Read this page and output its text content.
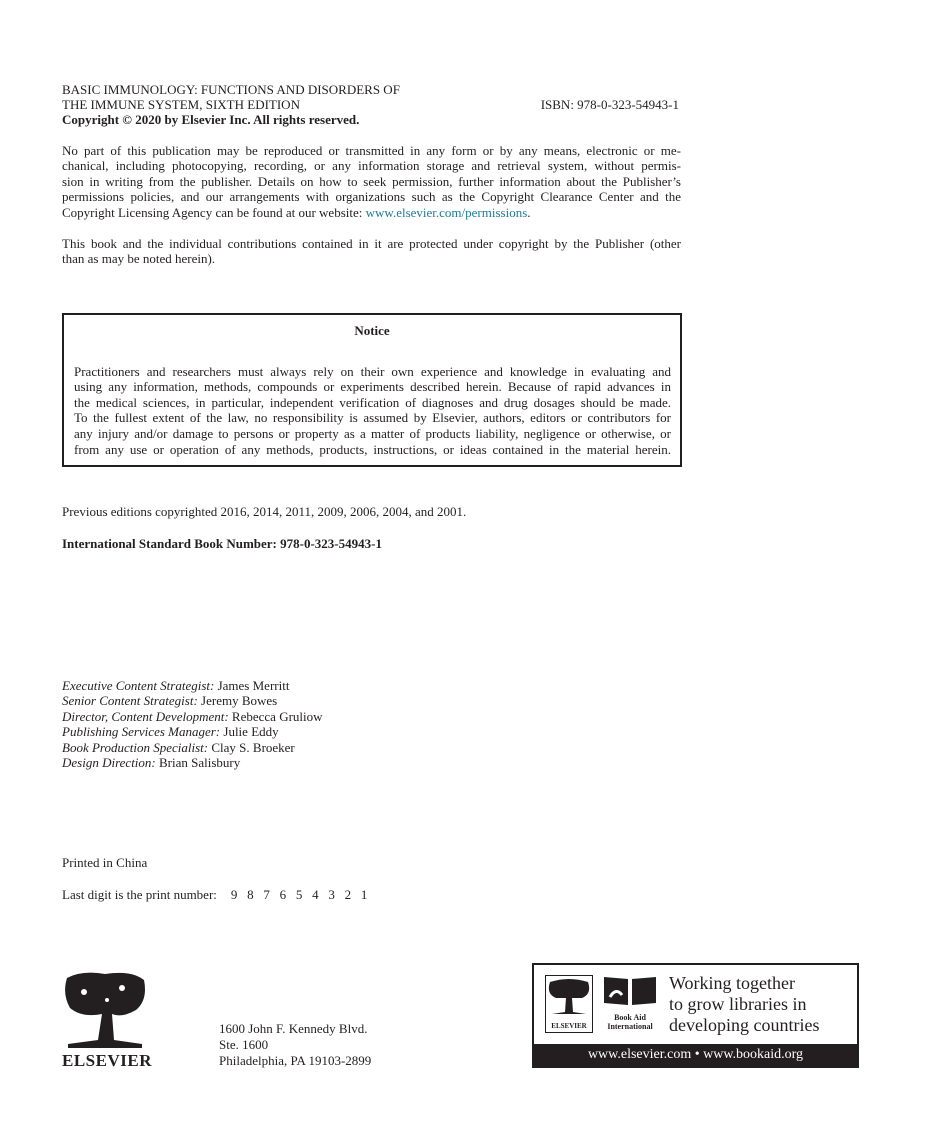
BASIC IMMUNOLOGY: FUNCTIONS AND DISORDERS OF
THE IMMUNE SYSTEM, SIXTH EDITION	ISBN: 978-0-323-54943-1
Copyright © 2020 by Elsevier Inc. All rights reserved.
No part of this publication may be reproduced or transmitted in any form or by any means, electronic or me-
chanical, including photocopying, recording, or any information storage and retrieval system, without permis-
sion in writing from the publisher. Details on how to seek permission, further information about the Publisher’s
permissions policies, and our arrangements with organizations such as the Copyright Clearance Center and the
Copyright Licensing Agency can be found at our website: www.elsevier.com/permissions.
This book and the individual contributions contained in it are protected under copyright by the Publisher (other
than as may be noted herein).
Notice
Practitioners and researchers must always rely on their own experience and knowledge in evaluating and
using any information, methods, compounds or experiments described herein. Because of rapid advances in
the medical sciences, in particular, independent verification of diagnoses and drug dosages should be made.
To the fullest extent of the law, no responsibility is assumed by Elsevier, authors, editors or contributors for
any injury and/or damage to persons or property as a matter of products liability, negligence or otherwise, or
from any use or operation of any methods, products, instructions, or ideas contained in the material herein.
Previous editions copyrighted 2016, 2014, 2011, 2009, 2006, 2004, and 2001.
International Standard Book Number: 978-0-323-54943-1
Executive Content Strategist: James Merritt
Senior Content Strategist: Jeremy Bowes
Director, Content Development: Rebecca Gruliow
Publishing Services Manager: Julie Eddy
Book Production Specialist: Clay S. Broeker
Design Direction: Brian Salisbury
Printed in China
Last digit is the print number: 9   8   7   6   5   4   3   2   1
ELSEVIER
1600 John F. Kennedy Blvd.
Ste. 1600
Philadelphia, PA 19103-2899
ELSEVIER
Book Aid International
Working together
to grow libraries in
developing countries
www.elsevier.com • www.bookaid.org
